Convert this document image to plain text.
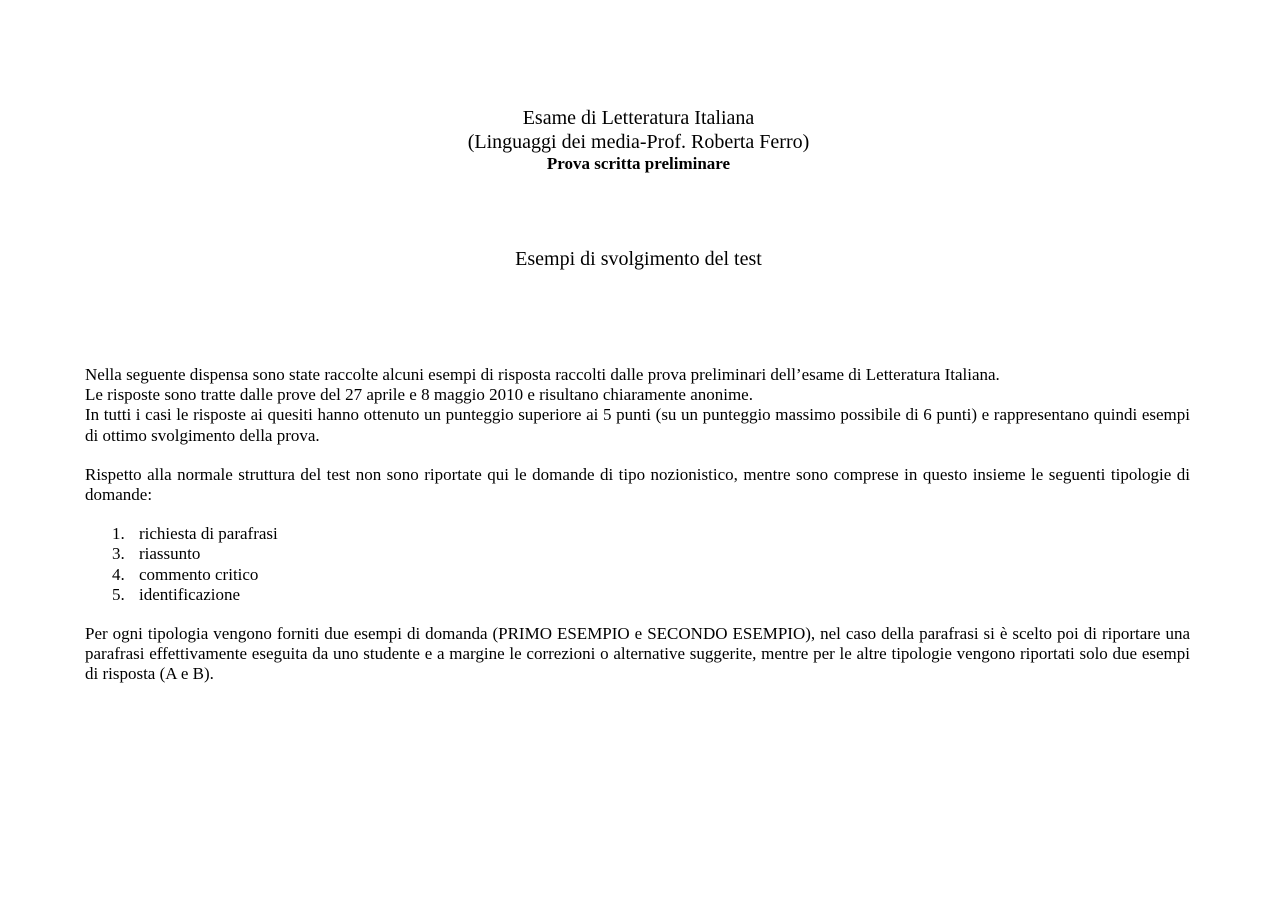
Esame di Letteratura Italiana

(Linguaggi dei media-Prof. Roberta Ferro)

Prova scritta preliminare

Esempi di svolgimento del test

Nella seguente dispensa sono state raccolte alcuni esempi di risposta raccolti dalle prova preliminari dell’esame di Letteratura Italiana.

Le risposte sono tratte dalle prove del 27 aprile e 8 maggio 2010 e risultano chiaramente anonime.

In tutti i casi le risposte ai quesiti hanno ottenuto un punteggio superiore ai 5 punti (su un punteggio massimo possibile di 6 punti) e rappresentano quindi esempi di ottimo svolgimento della prova.

Rispetto alla normale struttura del test non sono riportate qui le domande di tipo nozionistico, mentre sono comprese in questo insieme le seguenti tipologie di domande:

1. richiesta di parafrasi
3. riassunto
4. commento critico
5. identificazione

Per ogni tipologia vengono forniti due esempi di domanda (PRIMO ESEMPIO e SECONDO ESEMPIO), nel caso della parafrasi si è scelto poi di riportare una parafrasi effettivamente eseguita da uno studente e a margine le correzioni o alternative suggerite, mentre per le altre tipologie vengono riportati solo due esempi di risposta (A e B).
